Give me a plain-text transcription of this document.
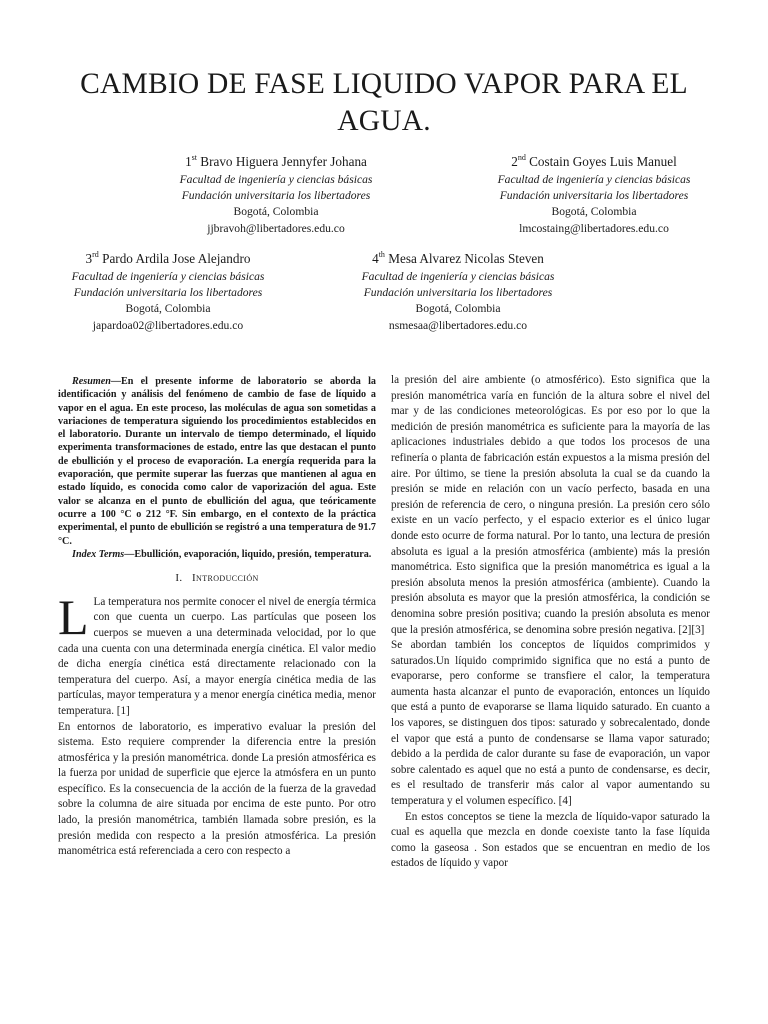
CAMBIO DE FASE LIQUIDO VAPOR PARA EL AGUA.
1st Bravo Higuera Jennyfer Johana
Facultad de ingeniería y ciencias básicas
Fundación universitaria los libertadores
Bogotá, Colombia
jjbravoh@libertadores.edu.co
2nd Costain Goyes Luis Manuel
Facultad de ingeniería y ciencias básicas
Fundación universitaria los libertadores
Bogotá, Colombia
lmcostaing@libertadores.edu.co
3rd Pardo Ardila Jose Alejandro
Facultad de ingeniería y ciencias básicas
Fundación universitaria los libertadores
Bogotá, Colombia
japardoa02@libertadores.edu.co
4th Mesa Alvarez Nicolas Steven
Facultad de ingeniería y ciencias básicas
Fundación universitaria los libertadores
Bogotá, Colombia
nsmesaa@libertadores.edu.co

Resumen—En el presente informe de laboratorio se aborda la identificación y análisis del fenómeno de cambio de fase de líquido a vapor en el agua. En este proceso, las moléculas de agua son sometidas a variaciones de temperatura siguiendo los procedimientos establecidos en el laboratorio. Durante un intervalo de tiempo determinado, el líquido experimenta transformaciones de estado, entre las que destacan el punto de ebullición y el proceso de evaporación. La energía requerida para la evaporación, que permite superar las fuerzas que mantienen al agua en estado líquido, es conocida como calor de vaporización del agua. Este valor se alcanza en el punto de ebullición del agua, que teóricamente ocurre a 100 °C o 212 °F. Sin embargo, en el contexto de la práctica experimental, el punto de ebullición se registró a una temperatura de 91.7 °C.

Index Terms—Ebullición, evaporación, liquido, presión, temperatura.

I. Introducción

L La temperatura nos permite conocer el nivel de energía térmica con que cuenta un cuerpo. Las partículas que poseen los cuerpos se mueven a una determinada velocidad, por lo que cada una cuenta con una determinada energía cinética. El valor medio de dicha energía cinética está directamente relacionado con la temperatura del cuerpo. Así, a mayor energía cinética media de las partículas, mayor temperatura y a menor energía cinética media, menor temperatura. [1]

En entornos de laboratorio, es imperativo evaluar la presión del sistema. Esto requiere comprender la diferencia entre la presión atmosférica y la presión manométrica. donde La presión atmosférica es la fuerza por unidad de superficie que ejerce la atmósfera en un punto específico. Es la consecuencia de la acción de la fuerza de la gravedad sobre la columna de aire situada por encima de este punto. Por otro lado, la presión manométrica, también llamada sobre presión, es la presión medida con respecto a la presión atmosférica. La presión manométrica está referenciada a cero con respecto a

la presión del aire ambiente (o atmosférico). Esto significa que la presión manométrica varía en función de la altura sobre el nivel del mar y de las condiciones meteorológicas. Es por eso por lo que la medición de presión manométrica es suficiente para la mayoría de las aplicaciones industriales debido a que todos los procesos de una refinería o planta de fabricación están expuestos a la misma presión del aire. Por último, se tiene la presión absoluta la cual se da cuando la presión se mide en relación con un vacío perfecto, basada en una presión de referencia de cero, o ninguna presión. La presión cero sólo existe en un vacío perfecto, y el espacio exterior es el único lugar donde esto ocurre de forma natural. Por lo tanto, una lectura de presión absoluta es igual a la presión atmosférica (ambiente) más la presión manométrica. Esto significa que la presión manométrica es igual a la presión absoluta menos la presión atmosférica (ambiente). Cuando la presión absoluta es mayor que la presión atmosférica, la condición se denomina sobre presión positiva; cuando la presión absoluta es menor que la presión atmosférica, se denomina sobre presión negativa. [2][3]

Se abordan también los conceptos de líquidos comprimidos y saturados.Un líquido comprimido significa que no está a punto de evaporarse, pero conforme se transfiere el calor, la temperatura aumenta hasta alcanzar el punto de evaporación, entonces un líquido que está a punto de evaporarse se llama liquido saturado. En cuanto a los vapores, se distinguen dos tipos: saturado y sobrecalentado, donde el vapor que está a punto de condensarse se llama vapor saturado; debido a la perdida de calor durante su fase de evaporación, un vapor sobre calentado es aquel que no está a punto de condensarse, es decir, es el resultado de transferir más calor al vapor aumentando su temperatura y el volumen específico. [4]

En estos conceptos se tiene la mezcla de líquido-vapor saturado la cual es aquella que mezcla en donde coexiste tanto la fase líquida como la gaseosa . Son estados que se encuentran en medio de los estados de líquido y vapor
